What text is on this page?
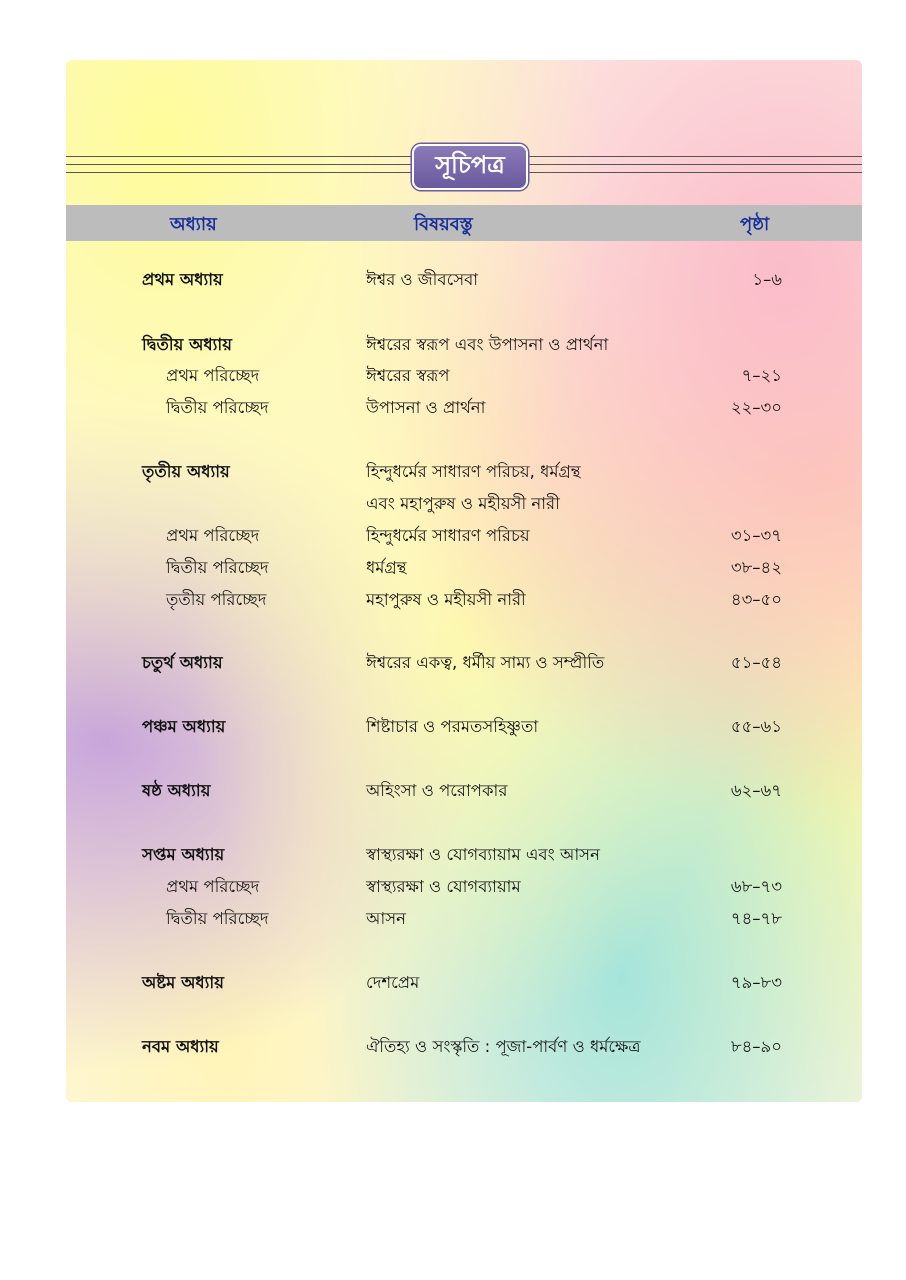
সূচিপত্র
অধ্যায়	বিষয়বস্তু	পৃষ্ঠা
প্রথম অধ্যায়	ঈশ্বর ও জীবসেবা	১–৬
দ্বিতীয় অধ্যায়	ঈশ্বরের স্বরূপ এবং উপাসনা ও প্রার্থনা
প্রথম পরিচ্ছেদ	ঈশ্বরের স্বরূপ	৭–২১
দ্বিতীয় পরিচ্ছেদ	উপাসনা ও প্রার্থনা	২২–৩০
তৃতীয় অধ্যায়	হিন্দুধর্মের সাধারণ পরিচয়, ধর্মগ্রন্থ
এবং মহাপুরুষ ও মহীয়সী নারী
প্রথম পরিচ্ছেদ	হিন্দুধর্মের সাধারণ পরিচয়	৩১–৩৭
দ্বিতীয় পরিচ্ছেদ	ধর্মগ্রন্থ	৩৮–৪২
তৃতীয় পরিচ্ছেদ	মহাপুরুষ ও মহীয়সী নারী	৪৩–৫০
চতুর্থ অধ্যায়	ঈশ্বরের একত্ব, ধর্মীয় সাম্য ও সম্প্রীতি	৫১–৫৪
পঞ্চম অধ্যায়	শিষ্টাচার ও পরমতসহিষ্ণুতা	৫৫–৬১
ষষ্ঠ অধ্যায়	অহিংসা ও পরোপকার	৬২–৬৭
সপ্তম অধ্যায়	স্বাস্থ্যরক্ষা ও যোগব্যায়াম এবং আসন
প্রথম পরিচ্ছেদ	স্বাস্থ্যরক্ষা ও যোগব্যায়াম	৬৮–৭৩
দ্বিতীয় পরিচ্ছেদ	আসন	৭৪–৭৮
অষ্টম অধ্যায়	দেশপ্রেম	৭৯–৮৩
নবম অধ্যায়	ঐতিহ্য ও সংস্কৃতি : পূজা-পার্বণ ও ধর্মক্ষেত্র	৮৪–৯০
